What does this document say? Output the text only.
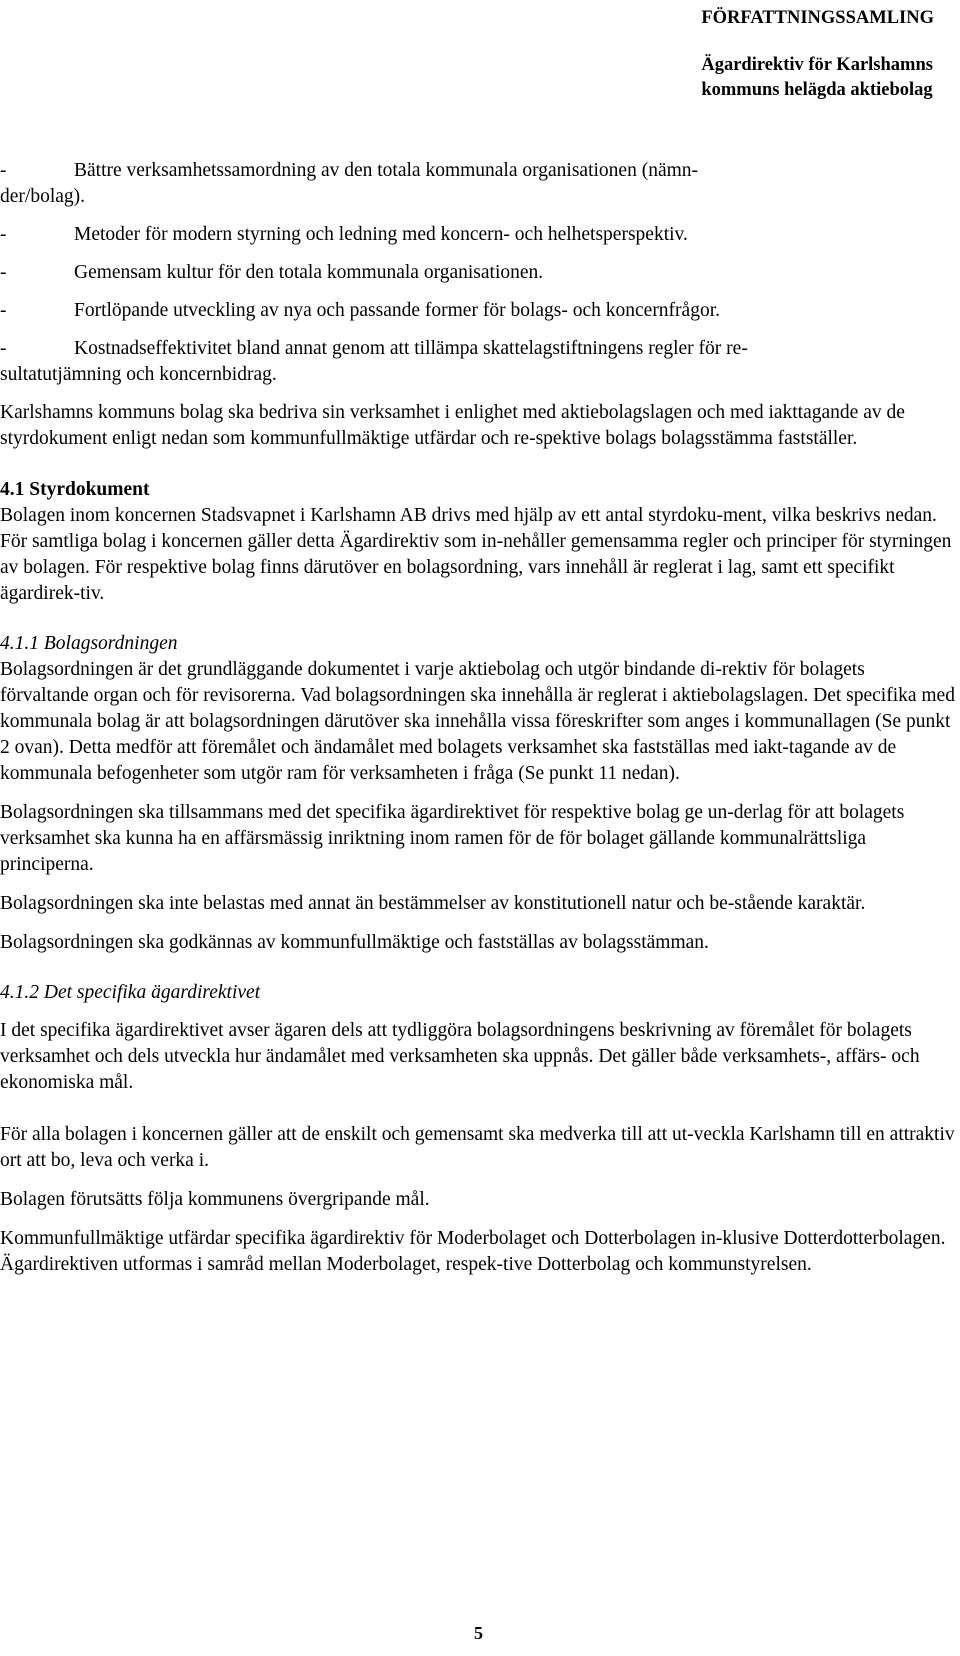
FÖRFATTNINGSSAMLING
Ägardirektiv för Karlshamns
kommuns helägda aktiebolag
-	Bättre verksamhetssamordning av den totala kommunala organisationen (nämn-
der/bolag).
-	Metoder för modern styrning och ledning med koncern- och helhetsperspektiv.
-	Gemensam kultur för den totala kommunala organisationen.
-	Fortlöpande utveckling av nya och passande former för bolags- och koncernfrågor.
-	Kostnadseffektivitet bland annat genom att tillämpa skattelagstiftningens regler för re-
sultatutjämning och koncernbidrag.

Karlshamns kommuns bolag ska bedriva sin verksamhet i enlighet med aktiebolagslagen och med iakttagande av de styrdokument enligt nedan som kommunfullmäktige utfärdar och re-spektive bolags bolagsstämma fastställer.

4.1 Styrdokument

Bolagen inom koncernen Stadsvapnet i Karlshamn AB drivs med hjälp av ett antal styrdoku-ment, vilka beskrivs nedan. För samtliga bolag i koncernen gäller detta Ägardirektiv som in-nehåller gemensamma regler och principer för styrningen av bolagen. För respektive bolag finns därutöver en bolagsordning, vars innehåll är reglerat i lag, samt ett specifikt ägardirek-tiv.

4.1.1 Bolagsordningen

Bolagsordningen är det grundläggande dokumentet i varje aktiebolag och utgör bindande di-rektiv för bolagets förvaltande organ och för revisorerna. Vad bolagsordningen ska innehålla är reglerat i aktiebolagslagen. Det specifika med kommunala bolag är att bolagsordningen därutöver ska innehålla vissa föreskrifter som anges i kommunallagen (Se punkt 2 ovan). Detta medför att föremålet och ändamålet med bolagets verksamhet ska fastställas med iakt-tagande av de kommunala befogenheter som utgör ram för verksamheten i fråga (Se punkt 11 nedan).

Bolagsordningen ska tillsammans med det specifika ägardirektivet för respektive bolag ge un-derlag för att bolagets verksamhet ska kunna ha en affärsmässig inriktning inom ramen för de för bolaget gällande kommunalrättsliga principerna.

Bolagsordningen ska inte belastas med annat än bestämmelser av konstitutionell natur och be-stående karaktär.

Bolagsordningen ska godkännas av kommunfullmäktige och fastställas av bolagsstämman.

4.1.2 Det specifika ägardirektivet

I det specifika ägardirektivet avser ägaren dels att tydliggöra bolagsordningens beskrivning av föremålet för bolagets verksamhet och dels utveckla hur ändamålet med verksamheten ska uppnås. Det gäller både verksamhets-, affärs- och ekonomiska mål.

För alla bolagen i koncernen gäller att de enskilt och gemensamt ska medverka till att ut-veckla Karlshamn till en attraktiv ort att bo, leva och verka i.

Bolagen förutsätts följa kommunens övergripande mål.

Kommunfullmäktige utfärdar specifika ägardirektiv för Moderbolaget och Dotterbolagen in-klusive Dotterdotterbolagen. Ägardirektiven utformas i samråd mellan Moderbolaget, respek-tive Dotterbolag och kommunstyrelsen.

5
